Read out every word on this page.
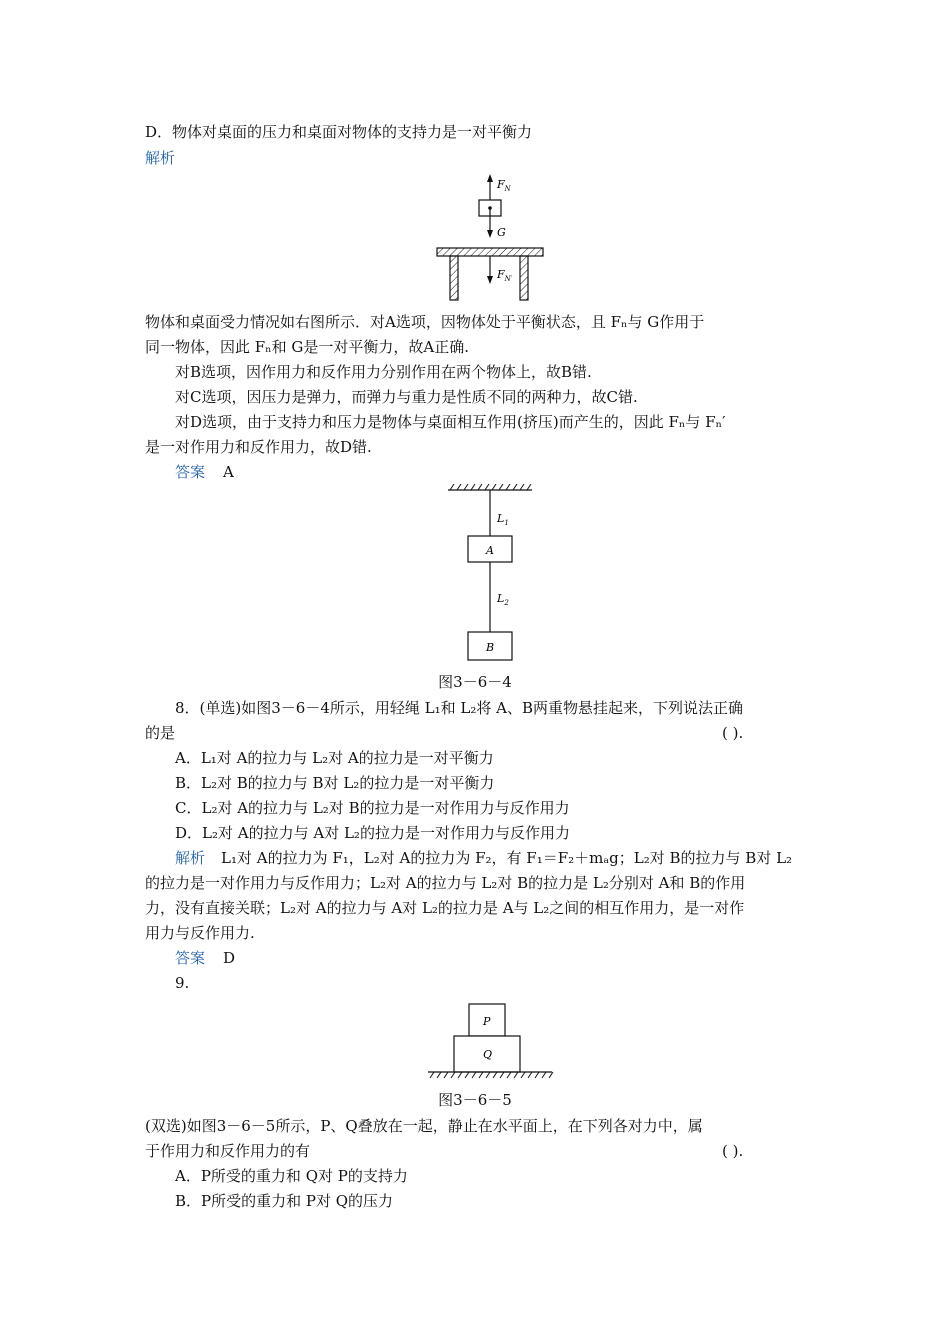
D．物体对桌面的压力和桌面对物体的支持力是一对平衡力
解析
$F_N$
G
$F_{N'}$
物体和桌面受力情况如右图所示．对A选项，因物体处于平衡状态，且 Fₙ与 G作用于
同一物体，因此 Fₙ和 G是一对平衡力，故A正确.
对B选项，因作用力和反作用力分别作用在两个物体上，故B错.
对C选项，因压力是弹力，而弹力与重力是性质不同的两种力，故C错.
对D选项，由于支持力和压力是物体与桌面相互作用(挤压)而产生的，因此 Fₙ与 Fₙ′
是一对作用力和反作用力，故D错.
答案 A
$L_1$
A
$L_2$
B
图3－6－4
8．(单选)如图3－6－4所示，用轻绳 L₁和 L₂将 A、B两重物悬挂起来，下列说法正确
的是	( ).
A．L₁对 A的拉力与 L₂对 A的拉力是一对平衡力
B．L₂对 B的拉力与 B对 L₂的拉力是一对平衡力
C．L₂对 A的拉力与 L₂对 B的拉力是一对作用力与反作用力
D．L₂对 A的拉力与 A对 L₂的拉力是一对作用力与反作用力
解析 L₁对 A的拉力为 F₁，L₂对 A的拉力为 F₂，有 F₁＝F₂＋mₐg；L₂对 B的拉力与 B对 L₂
的拉力是一对作用力与反作用力；L₂对 A的拉力与 L₂对 B的拉力是 L₂分别对 A和 B的作用
力，没有直接关联；L₂对 A的拉力与 A对 L₂的拉力是 A与 L₂之间的相互作用力，是一对作
用力与反作用力.
答案 D
9.
P
Q
图3－6－5
(双选)如图3－6－5所示，P、Q叠放在一起，静止在水平面上，在下列各对力中，属
于作用力和反作用力的有	( ).
A．P所受的重力和 Q对 P的支持力
B．P所受的重力和 P对 Q的压力
